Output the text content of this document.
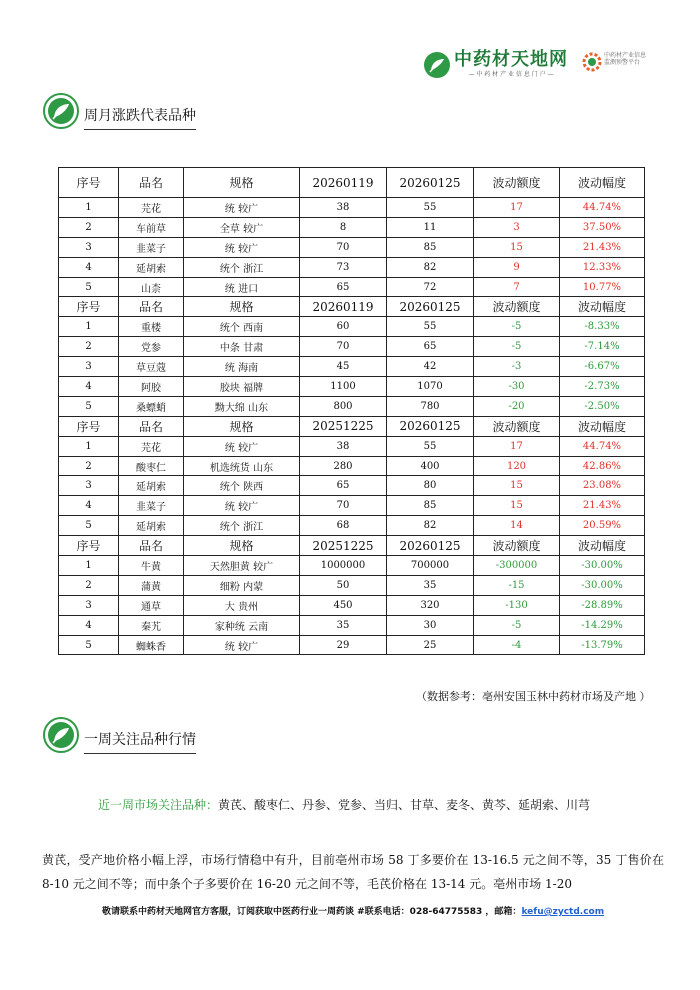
中药材天地网
— 中 药 材 产 业 信 息 门 户 —
中药材产业信息监测预警平台
周月涨跌代表品种
序号	品名	规格	20260119	20260125	波动额度	波动幅度
1	芫花	统 较广	38	55	17	44.74%
2	车前草	全草 较广	8	11	3	37.50%
3	韭菜子	统 较广	70	85	15	21.43%
4	延胡索	统个 浙江	73	82	9	12.33%
5	山柰	统 进口	65	72	7	10.77%
序号	品名	规格	20260119	20260125	波动额度	波动幅度
1	重楼	统个 西南	60	55	-5	-8.33%
2	党参	中条 甘肃	70	65	-5	-7.14%
3	草豆蔻	统 海南	45	42	-3	-6.67%
4	阿胶	胶块 福牌	1100	1070	-30	-2.73%
5	桑螵蛸	黝大绵 山东	800	780	-20	-2.50%
序号	品名	规格	20251225	20260125	波动额度	波动幅度
1	芫花	统 较广	38	55	17	44.74%
2	酸枣仁	机选统货 山东	280	400	120	42.86%
3	延胡索	统个 陕西	65	80	15	23.08%
4	韭菜子	统 较广	70	85	15	21.43%
5	延胡索	统个 浙江	68	82	14	20.59%
序号	品名	规格	20251225	20260125	波动额度	波动幅度
1	牛黄	天然胆黄 较广	1000000	700000	-300000	-30.00%
2	蒲黄	细粉 内蒙	50	35	-15	-30.00%
3	通草	大 贵州	450	320	-130	-28.89%
4	秦艽	家种统 云南	35	30	-5	-14.29%
5	蜘蛛香	统 较广	29	25	-4	-13.79%
（数据参考：亳州安国玉林中药材市场及产地 ）
一周关注品种行情
近一周市场关注品种：黄芪、酸枣仁、丹参、党参、当归、甘草、麦冬、黄芩、延胡索、川芎
黄芪，受产地价格小幅上浮，市场行情稳中有升，目前亳州市场 58 丁多要价在 13-16.5 元之间不等，35 丁售价在 8-10 元之间不等；而中条个子多要价在 16-20 元之间不等，毛芪价格在 13-14 元。亳州市场 1-20
敬请联系中药材天地网官方客服，订阅获取中医药行业一周药谈 #联系电话：028-64775583 ，邮箱：kefu@zyctd.com
